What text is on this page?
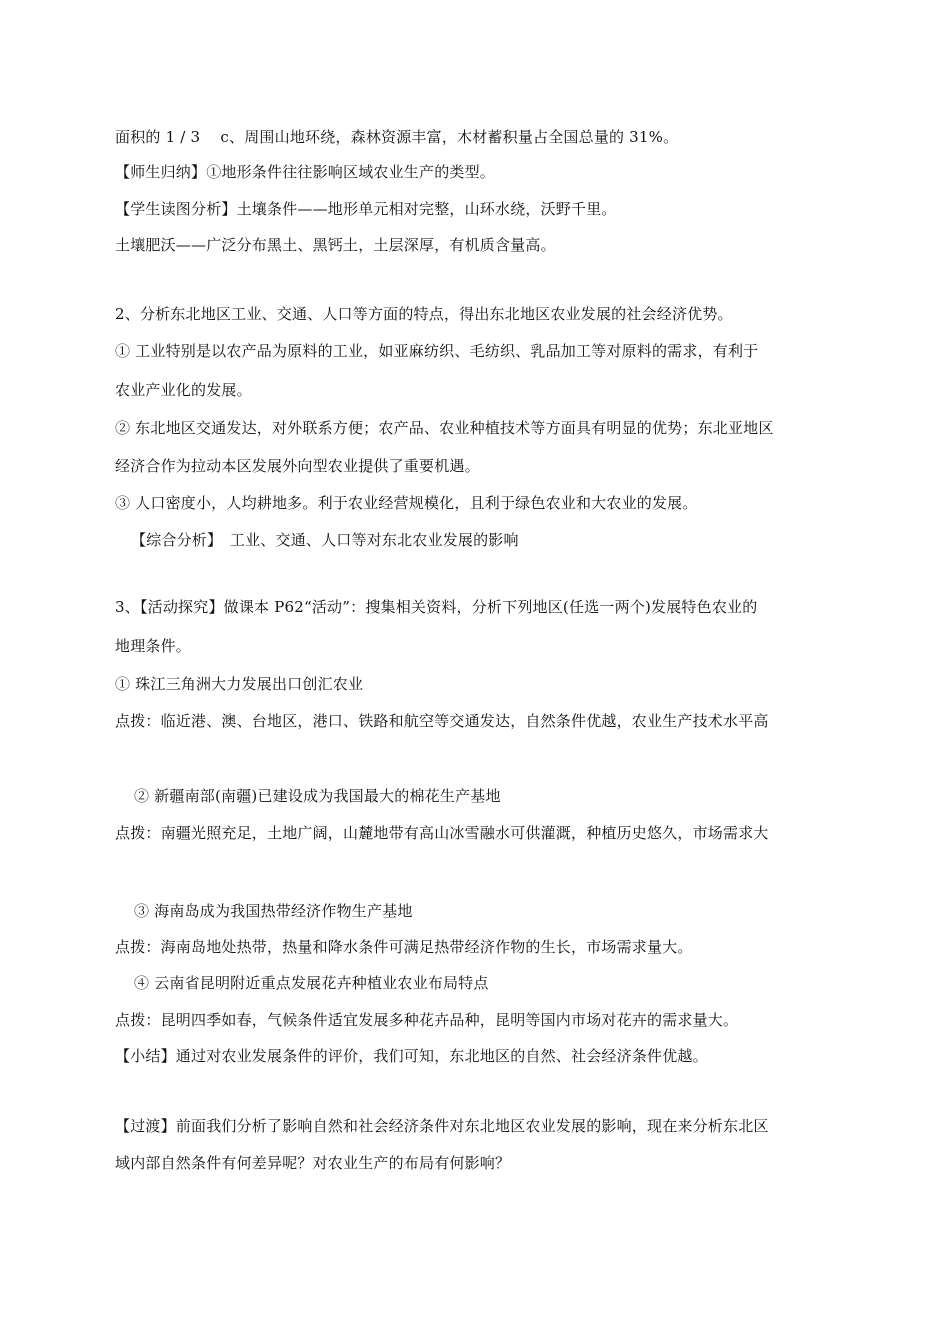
面积的 1 / 3　 c、周围山地环绕，森林资源丰富，木材蓄积量占全国总量的 31%。
【师生归纳】①地形条件往往影响区域农业生产的类型。
【学生读图分析】土壤条件——地形单元相对完整，山环水绕，沃野千里。
土壤肥沃——广泛分布黑土、黑钙土，土层深厚，有机质含量高。
2、分析东北地区工业、交通、人口等方面的特点，得出东北地区农业发展的社会经济优势。
① 工业特别是以农产品为原料的工业，如亚麻纺织、毛纺织、乳品加工等对原料的需求，有利于
农业产业化的发展。
② 东北地区交通发达，对外联系方便；农产品、农业种植技术等方面具有明显的优势；东北亚地区
经济合作为拉动本区发展外向型农业提供了重要机遇。
③ 人口密度小，人均耕地多。利于农业经营规模化，且利于绿色农业和大农业的发展。
【综合分析】　工业、交通、人口等对东北农业发展的影响
3、【活动探究】做课本 P62“活动”：搜集相关资料，分析下列地区(任选一两个)发展特色农业的
地理条件。
① 珠江三角洲大力发展出口创汇农业
点拨：临近港、澳、台地区，港口、铁路和航空等交通发达，自然条件优越，农业生产技术水平高
② 新疆南部(南疆)已建设成为我国最大的棉花生产基地
点拨：南疆光照充足，土地广阔，山麓地带有高山冰雪融水可供灌溉，种植历史悠久，市场需求大
③ 海南岛成为我国热带经济作物生产基地
点拨：海南岛地处热带，热量和降水条件可满足热带经济作物的生长，市场需求量大。
④ 云南省昆明附近重点发展花卉种植业农业布局特点
点拨：昆明四季如春，气候条件适宜发展多种花卉品种，昆明等国内市场对花卉的需求量大。
【小结】通过对农业发展条件的评价，我们可知，东北地区的自然、社会经济条件优越。
【过渡】前面我们分析了影响自然和社会经济条件对东北地区农业发展的影响，现在来分析东北区
域内部自然条件有何差异呢？对农业生产的布局有何影响？
